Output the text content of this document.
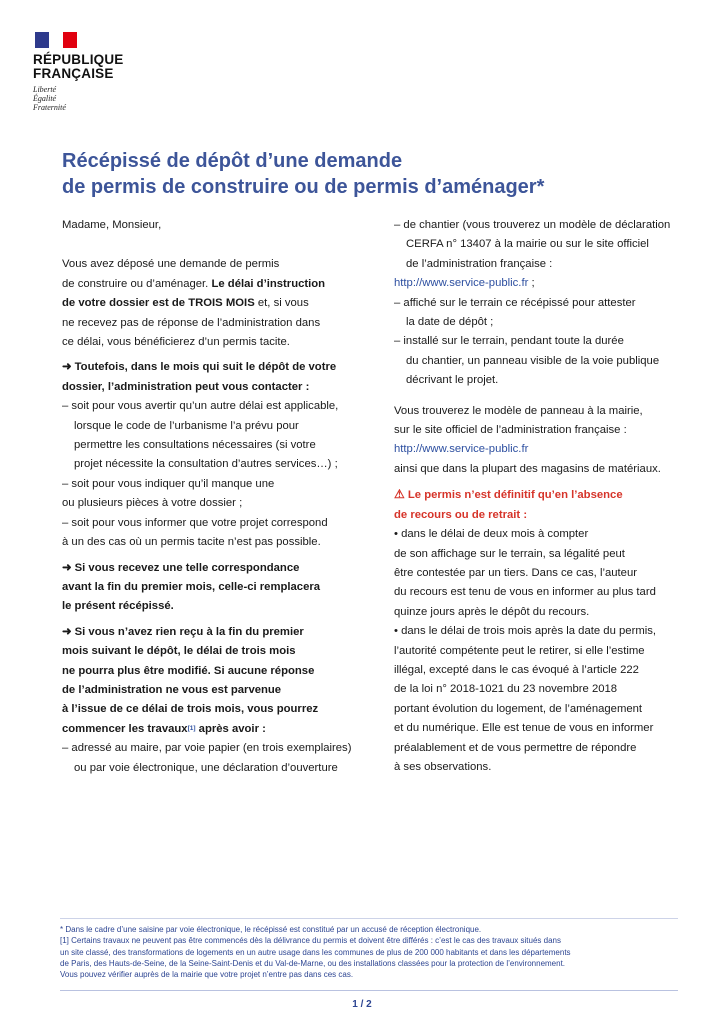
RÉPUBLIQUE
FRANÇAISE
Liberté
Égalité
Fraternité
Récépissé de dépôt d’une demande
de permis de construire ou de permis d’aménager*

Madame, Monsieur,

Vous avez déposé une demande de permis

de construire ou d’aménager. Le délai d’instruction

de votre dossier est de TROIS MOIS et, si vous

ne recevez pas de réponse de l’administration dans

ce délai, vous bénéficierez d’un permis tacite.

➜ Toutefois, dans le mois qui suit le dépôt de votre

dossier, l’administration peut vous contacter :

– soit pour vous avertir qu’un autre délai est applicable,

lorsque le code de l’urbanisme l’a prévu pour

permettre les consultations nécessaires (si votre

projet nécessite la consultation d’autres services…) ;

– soit pour vous indiquer qu’il manque une

ou plusieurs pièces à votre dossier ;

– soit pour vous informer que votre projet correspond

à un des cas où un permis tacite n’est pas possible.

➜ Si vous recevez une telle correspondance

avant la fin du premier mois, celle-ci remplacera

le présent récépissé.

➜ Si vous n’avez rien reçu à la fin du premier

mois suivant le dépôt, le délai de trois mois

ne pourra plus être modifié. Si aucune réponse

de l’administration ne vous est parvenue

à l’issue de ce délai de trois mois, vous pourrez

commencer les travaux[1] après avoir :

– adressé au maire, par voie papier (en trois exemplaires)

ou par voie électronique, une déclaration d’ouverture

– de chantier (vous trouverez un modèle de déclaration

CERFA n° 13407 à la mairie ou sur le site officiel

de l’administration française :

http://www.service-public.fr ;

– affiché sur le terrain ce récépissé pour attester

la date de dépôt ;

– installé sur le terrain, pendant toute la durée

du chantier, un panneau visible de la voie publique

décrivant le projet.

Vous trouverez le modèle de panneau à la mairie,

sur le site officiel de l’administration française :

http://www.service-public.fr

ainsi que dans la plupart des magasins de matériaux.

⚠ Le permis n’est définitif qu’en l’absence

de recours ou de retrait :

• dans le délai de deux mois à compter

de son affichage sur le terrain, sa légalité peut

être contestée par un tiers. Dans ce cas, l’auteur

du recours est tenu de vous en informer au plus tard

quinze jours après le dépôt du recours.

• dans le délai de trois mois après la date du permis,

l’autorité compétente peut le retirer, si elle l’estime

illégal, excepté dans le cas évoqué à l’article 222

de la loi n° 2018-1021 du 23 novembre 2018

portant évolution du logement, de l’aménagement

et du numérique. Elle est tenue de vous en informer

préalablement et de vous permettre de répondre

à ses observations.

* Dans le cadre d’une saisine par voie électronique, le récépissé est constitué par un accusé de réception électronique.

[1] Certains travaux ne peuvent pas être commencés dès la délivrance du permis et doivent être différés : c’est le cas des travaux situés dans

un site classé, des transformations de logements en un autre usage dans les communes de plus de 200 000 habitants et dans les départements

de Paris, des Hauts-de-Seine, de la Seine-Saint-Denis et du Val-de-Marne, ou des installations classées pour la protection de l’environnement.

Vous pouvez vérifier auprès de la mairie que votre projet n’entre pas dans ces cas.

1 / 2
